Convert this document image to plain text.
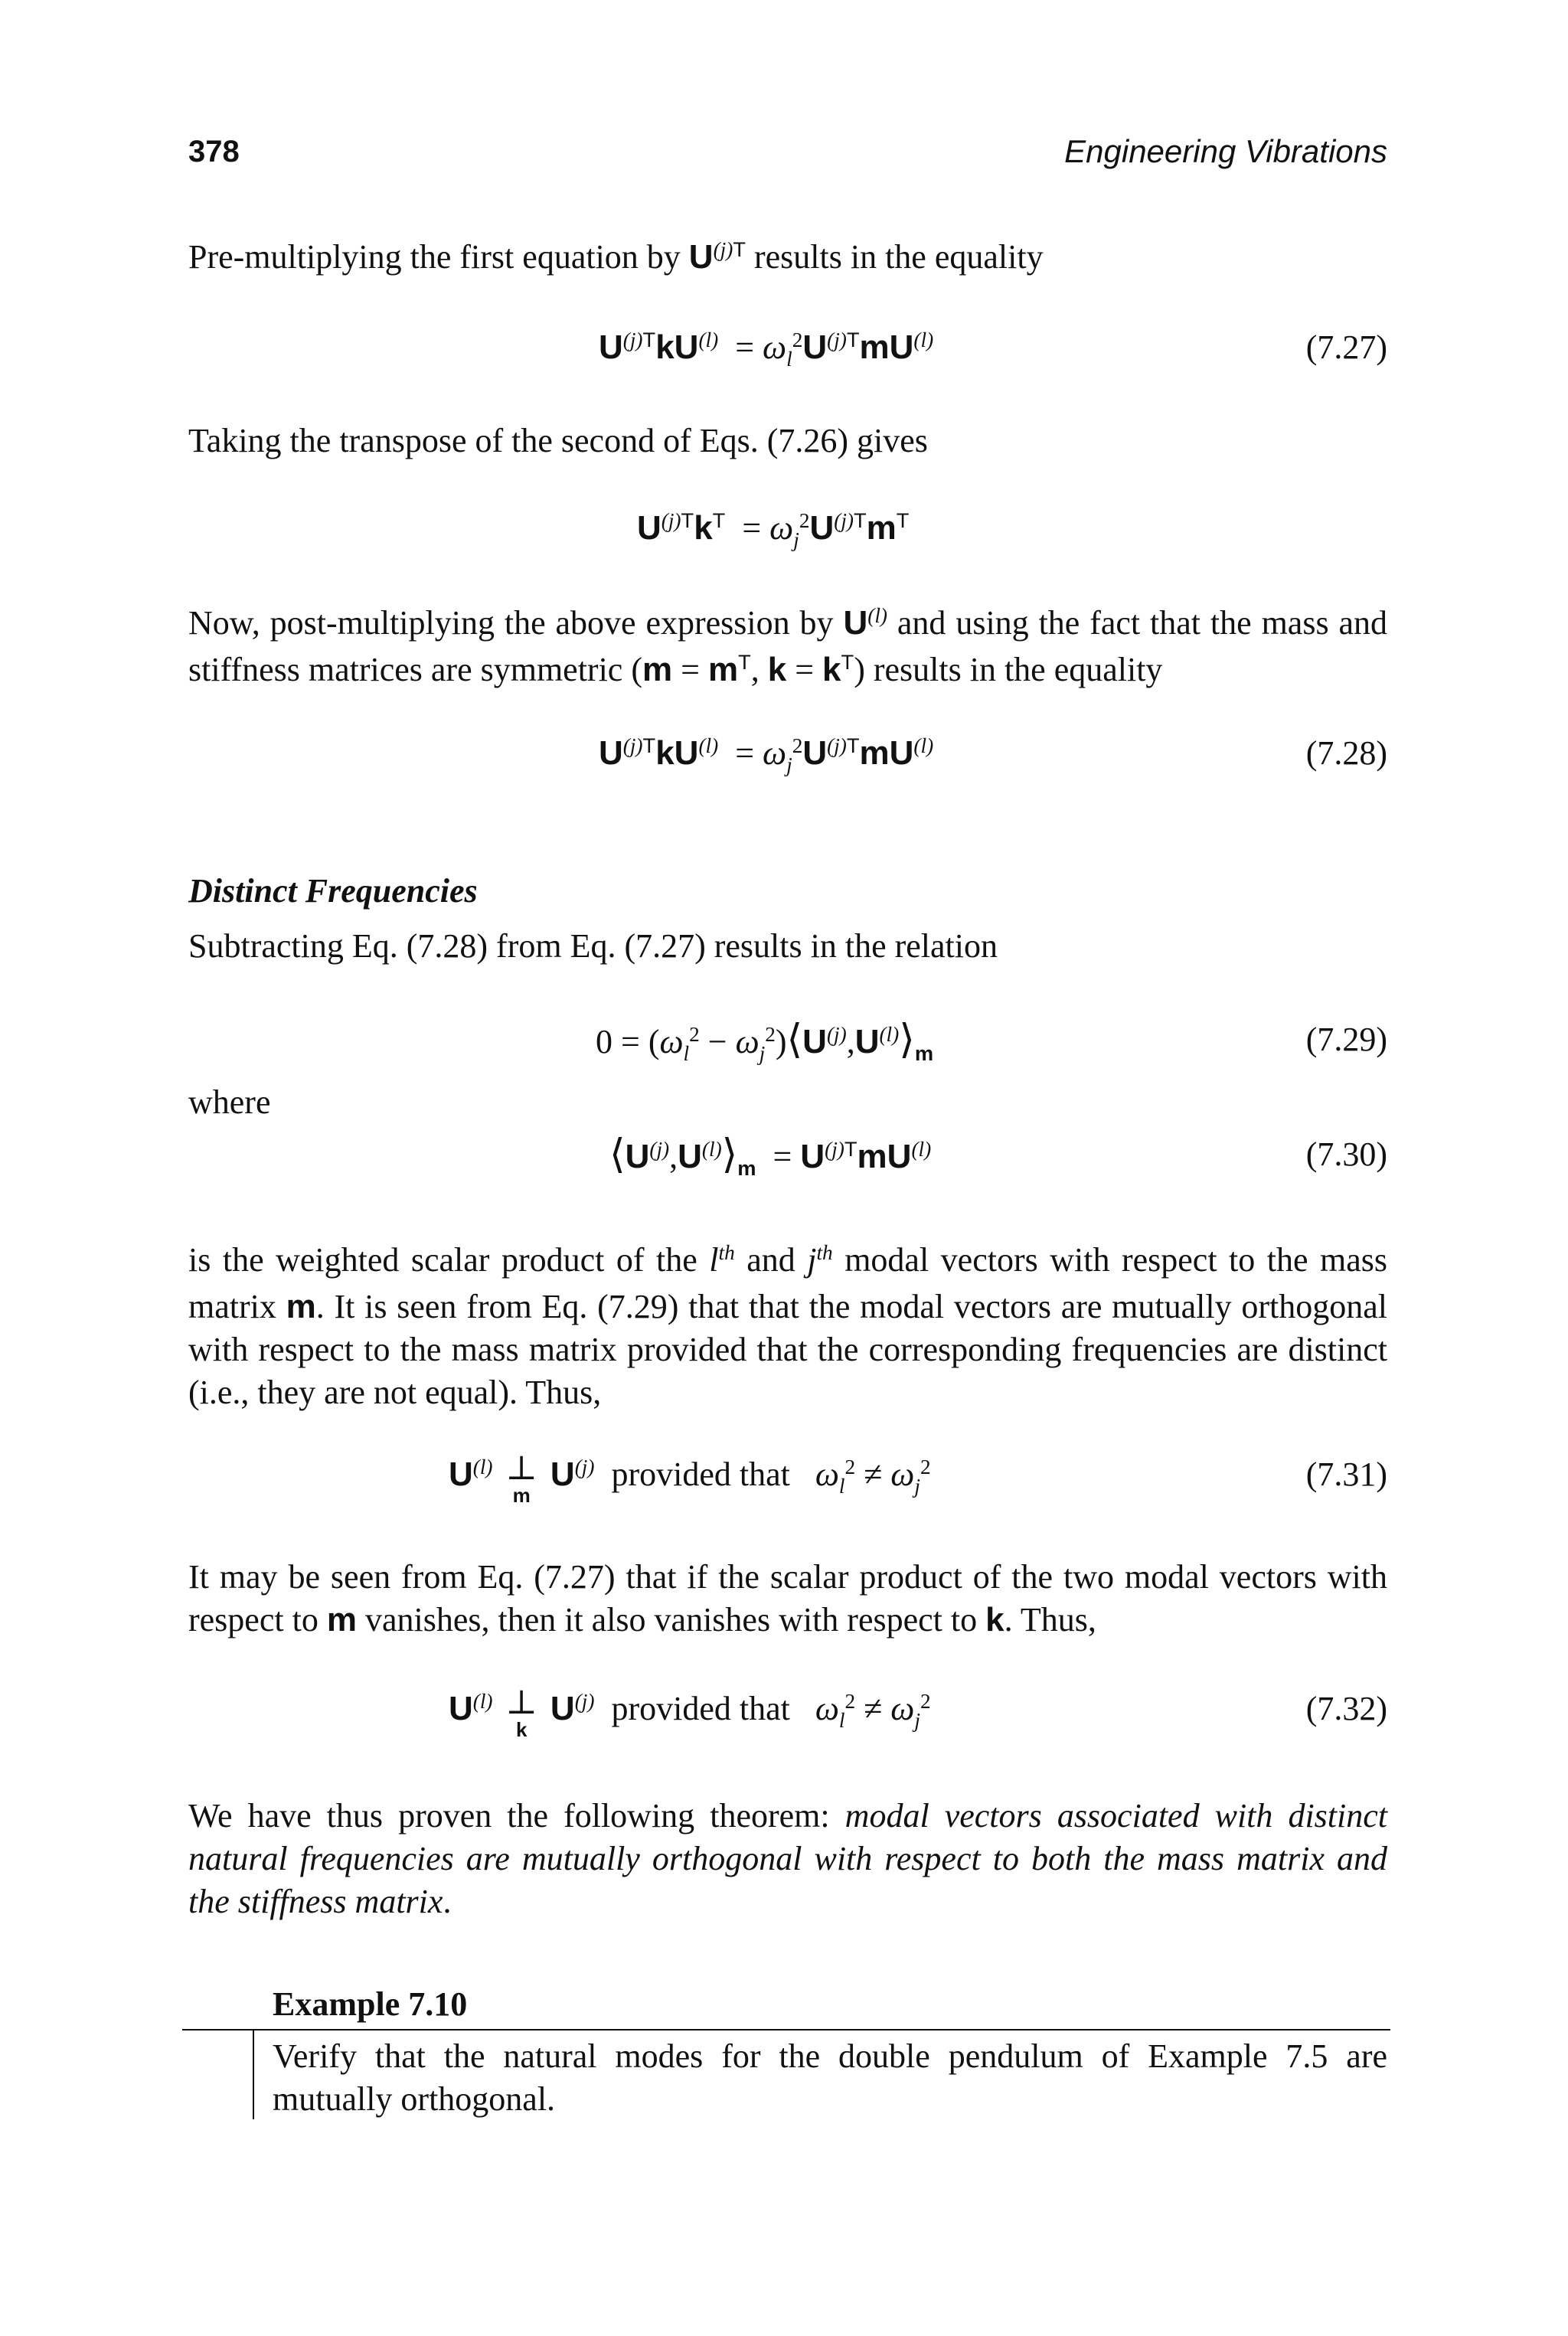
378	Engineering Vibrations
Pre-multiplying the first equation by $U^{(j)T}$ results in the equality
$U^{(j)T}kU^{(l)} = \omega_l^2U^{(j)T}mU^{(l)}$	(7.27)
Taking the transpose of the second of Eqs. (7.26) gives
$U^{(j)T}k^T = \omega_j^2U^{(j)T}m^T$
Now, post-multiplying the above expression by $U^{(l)}$ and using the fact that the mass and stiffness matrices are symmetric ($m = m^T$, $k = k^T$) results in the equality
$U^{(j)T}kU^{(l)} = \omega_j^2U^{(j)T}mU^{(l)}$	(7.28)
Distinct Frequencies
Subtracting Eq. (7.28) from Eq. (7.27) results in the relation
$0 = (\omega_l^2$ − $\omega_j^2)⟨U^{(j)},U^{(l)}⟩_m$	(7.29)
where
$⟨U^{(j)},U^{(l)}⟩_m = U^{(j)T}mU^{(l)}$	(7.30)
is the weighted scalar product of the $l^{th}$ and $j^{th}$ modal vectors with respect to the mass matrix m. It is seen from Eq. (7.29) that that the modal vectors are mutually orthogonal with respect to the mass matrix provided that the corresponding frequencies are distinct (i.e., they are not equal). Thus,
$U^{(l)}$ ⊥
m
$U^{(j)}$ provided that $\omega_l^2 \ne \omega_j^2$	(7.31)
It may be seen from Eq. (7.27) that if the scalar product of the two modal vectors with respect to m vanishes, then it also vanishes with respect to k. Thus,
$U^{(l)}$ ⊥
k
$U^{(j)}$ provided that $\omega_l^2 \ne \omega_j^2$	(7.32)
We have thus proven the following theorem: modal vectors associated with distinct natural frequencies are mutually orthogonal with respect to both the mass matrix and the stiffness matrix.
Example 7.10
Verify that the natural modes for the double pendulum of Example 7.5 are mutually orthogonal.
